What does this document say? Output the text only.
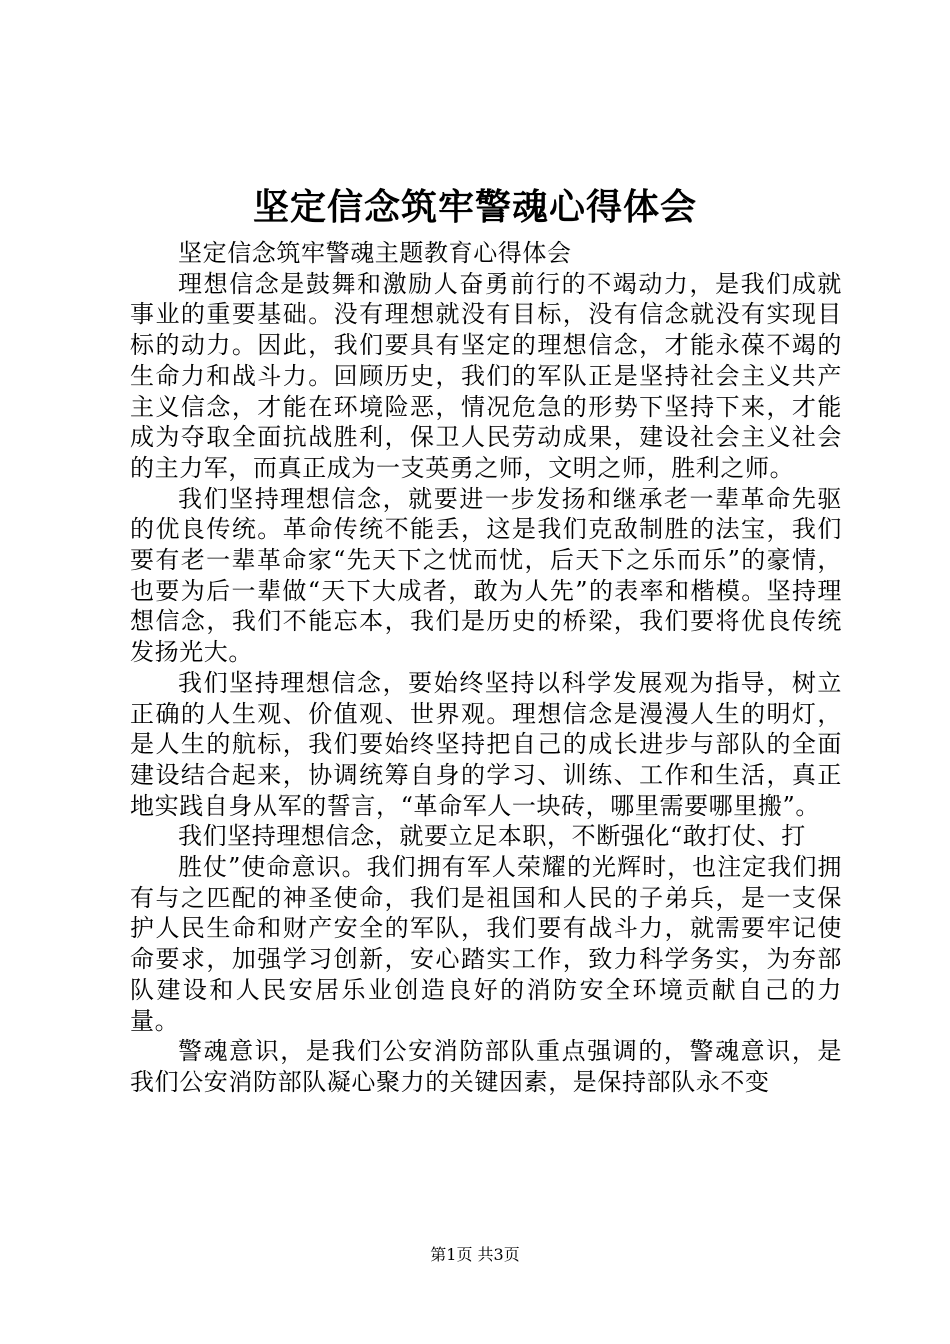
坚定信念筑牢警魂心得体会

坚定信念筑牢警魂主题教育心得体会

理想信念是鼓舞和激励人奋勇前行的不竭动力，是我们成就事业的重要基础。没有理想就没有目标，没有信念就没有实现目标的动力。因此，我们要具有坚定的理想信念，才能永葆不竭的生命力和战斗力。回顾历史，我们的军队正是坚持社会主义共产主义信念，才能在环境险恶，情况危急的形势下坚持下来，才能成为夺取全面抗战胜利，保卫人民劳动成果，建设社会主义社会的主力军，而真正成为一支英勇之师，文明之师，胜利之师。

我们坚持理想信念，就要进一步发扬和继承老一辈革命先驱的优良传统。革命传统不能丢，这是我们克敌制胜的法宝，我们要有老一辈革命家“先天下之忧而忧，后天下之乐而乐”的豪情，也要为后一辈做“天下大成者，敢为人先”的表率和楷模。坚持理想信念，我们不能忘本，我们是历史的桥梁，我们要将优良传统发扬光大。

我们坚持理想信念，要始终坚持以科学发展观为指导，树立正确的人生观、价值观、世界观。理想信念是漫漫人生的明灯，是人生的航标，我们要始终坚持把自己的成长进步与部队的全面建设结合起来，协调统筹自身的学习、训练、工作和生活，真正地实践自身从军的誓言，“革命军人一块砖，哪里需要哪里搬”。

我们坚持理想信念，就要立足本职，不断强化“敢打仗、打

胜仗”使命意识。我们拥有军人荣耀的光辉时，也注定我们拥有与之匹配的神圣使命，我们是祖国和人民的子弟兵，是一支保护人民生命和财产安全的军队，我们要有战斗力，就需要牢记使命要求，加强学习创新，安心踏实工作，致力科学务实，为夯部队建设和人民安居乐业创造良好的消防安全环境贡献自己的力量。

警魂意识，是我们公安消防部队重点强调的，警魂意识，是我们公安消防部队凝心聚力的关键因素，是保持部队永不变

第1页 共3页
